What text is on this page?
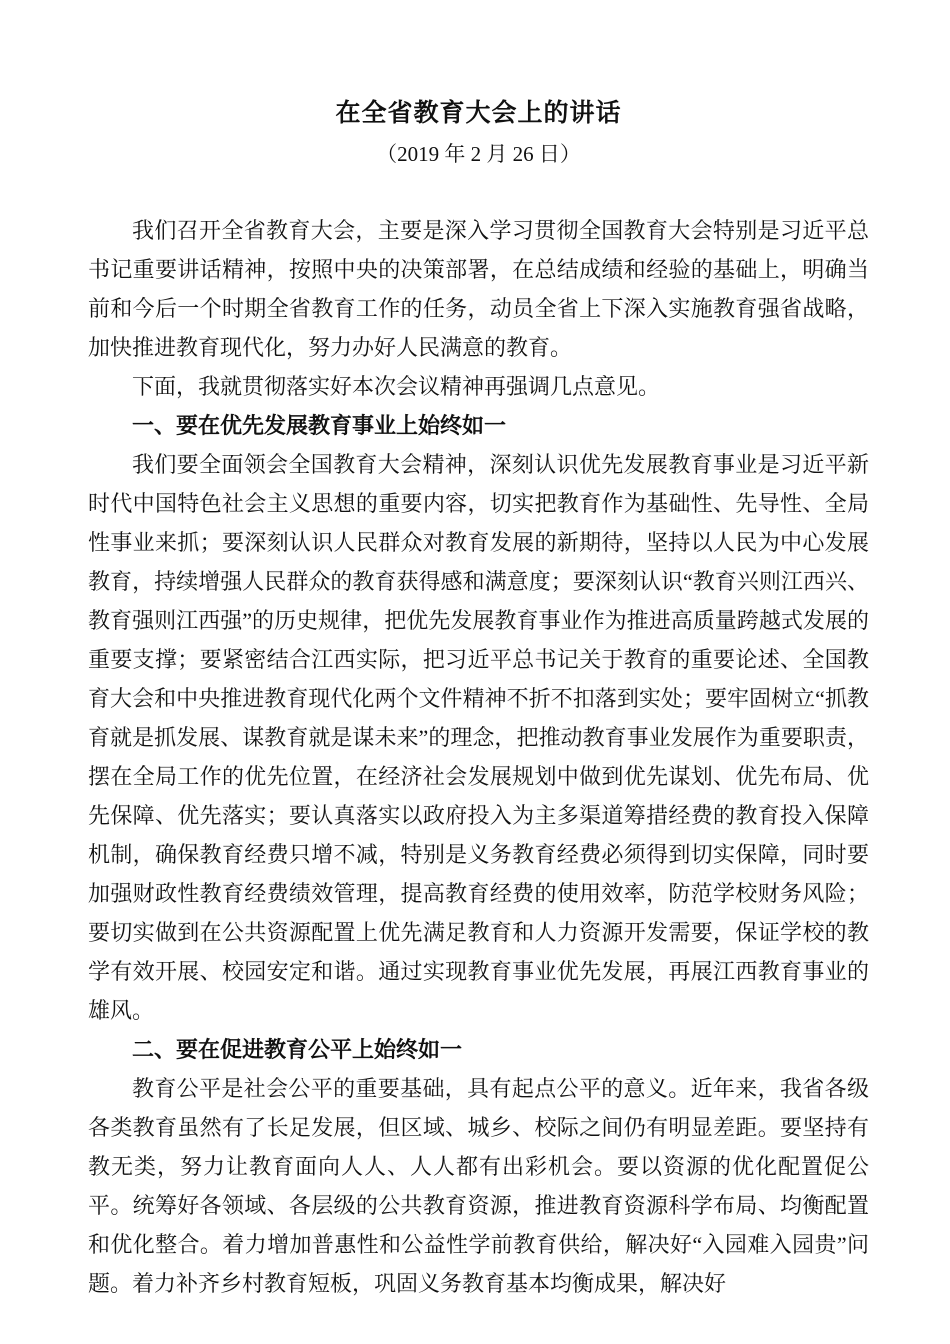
在全省教育大会上的讲话
（2019 年 2 月 26 日）

我们召开全省教育大会，主要是深入学习贯彻全国教育大会特别是习近平总书记重要讲话精神，按照中央的决策部署，在总结成绩和经验的基础上，明确当前和今后一个时期全省教育工作的任务，动员全省上下深入实施教育强省战略，加快推进教育现代化，努力办好人民满意的教育。

下面，我就贯彻落实好本次会议精神再强调几点意见。

一、要在优先发展教育事业上始终如一

我们要全面领会全国教育大会精神，深刻认识优先发展教育事业是习近平新时代中国特色社会主义思想的重要内容，切实把教育作为基础性、先导性、全局性事业来抓；要深刻认识人民群众对教育发展的新期待，坚持以人民为中心发展教育，持续增强人民群众的教育获得感和满意度；要深刻认识“教育兴则江西兴、教育强则江西强”的历史规律，把优先发展教育事业作为推进高质量跨越式发展的重要支撑；要紧密结合江西实际，把习近平总书记关于教育的重要论述、全国教育大会和中央推进教育现代化两个文件精神不折不扣落到实处；要牢固树立“抓教育就是抓发展、谋教育就是谋未来”的理念，把推动教育事业发展作为重要职责，摆在全局工作的优先位置，在经济社会发展规划中做到优先谋划、优先布局、优先保障、优先落实；要认真落实以政府投入为主多渠道筹措经费的教育投入保障机制，确保教育经费只增不减，特别是义务教育经费必须得到切实保障，同时要加强财政性教育经费绩效管理，提高教育经费的使用效率，防范学校财务风险；要切实做到在公共资源配置上优先满足教育和人力资源开发需要，保证学校的教学有效开展、校园安定和谐。通过实现教育事业优先发展，再展江西教育事业的雄风。

二、要在促进教育公平上始终如一

教育公平是社会公平的重要基础，具有起点公平的意义。近年来，我省各级各类教育虽然有了长足发展，但区域、城乡、校际之间仍有明显差距。要坚持有教无类，努力让教育面向人人、人人都有出彩机会。要以资源的优化配置促公平。统筹好各领域、各层级的公共教育资源，推进教育资源科学布局、均衡配置和优化整合。着力增加普惠性和公益性学前教育供给，解决好“入园难入园贵”问题。着力补齐乡村教育短板，巩固义务教育基本均衡成果，解决好
